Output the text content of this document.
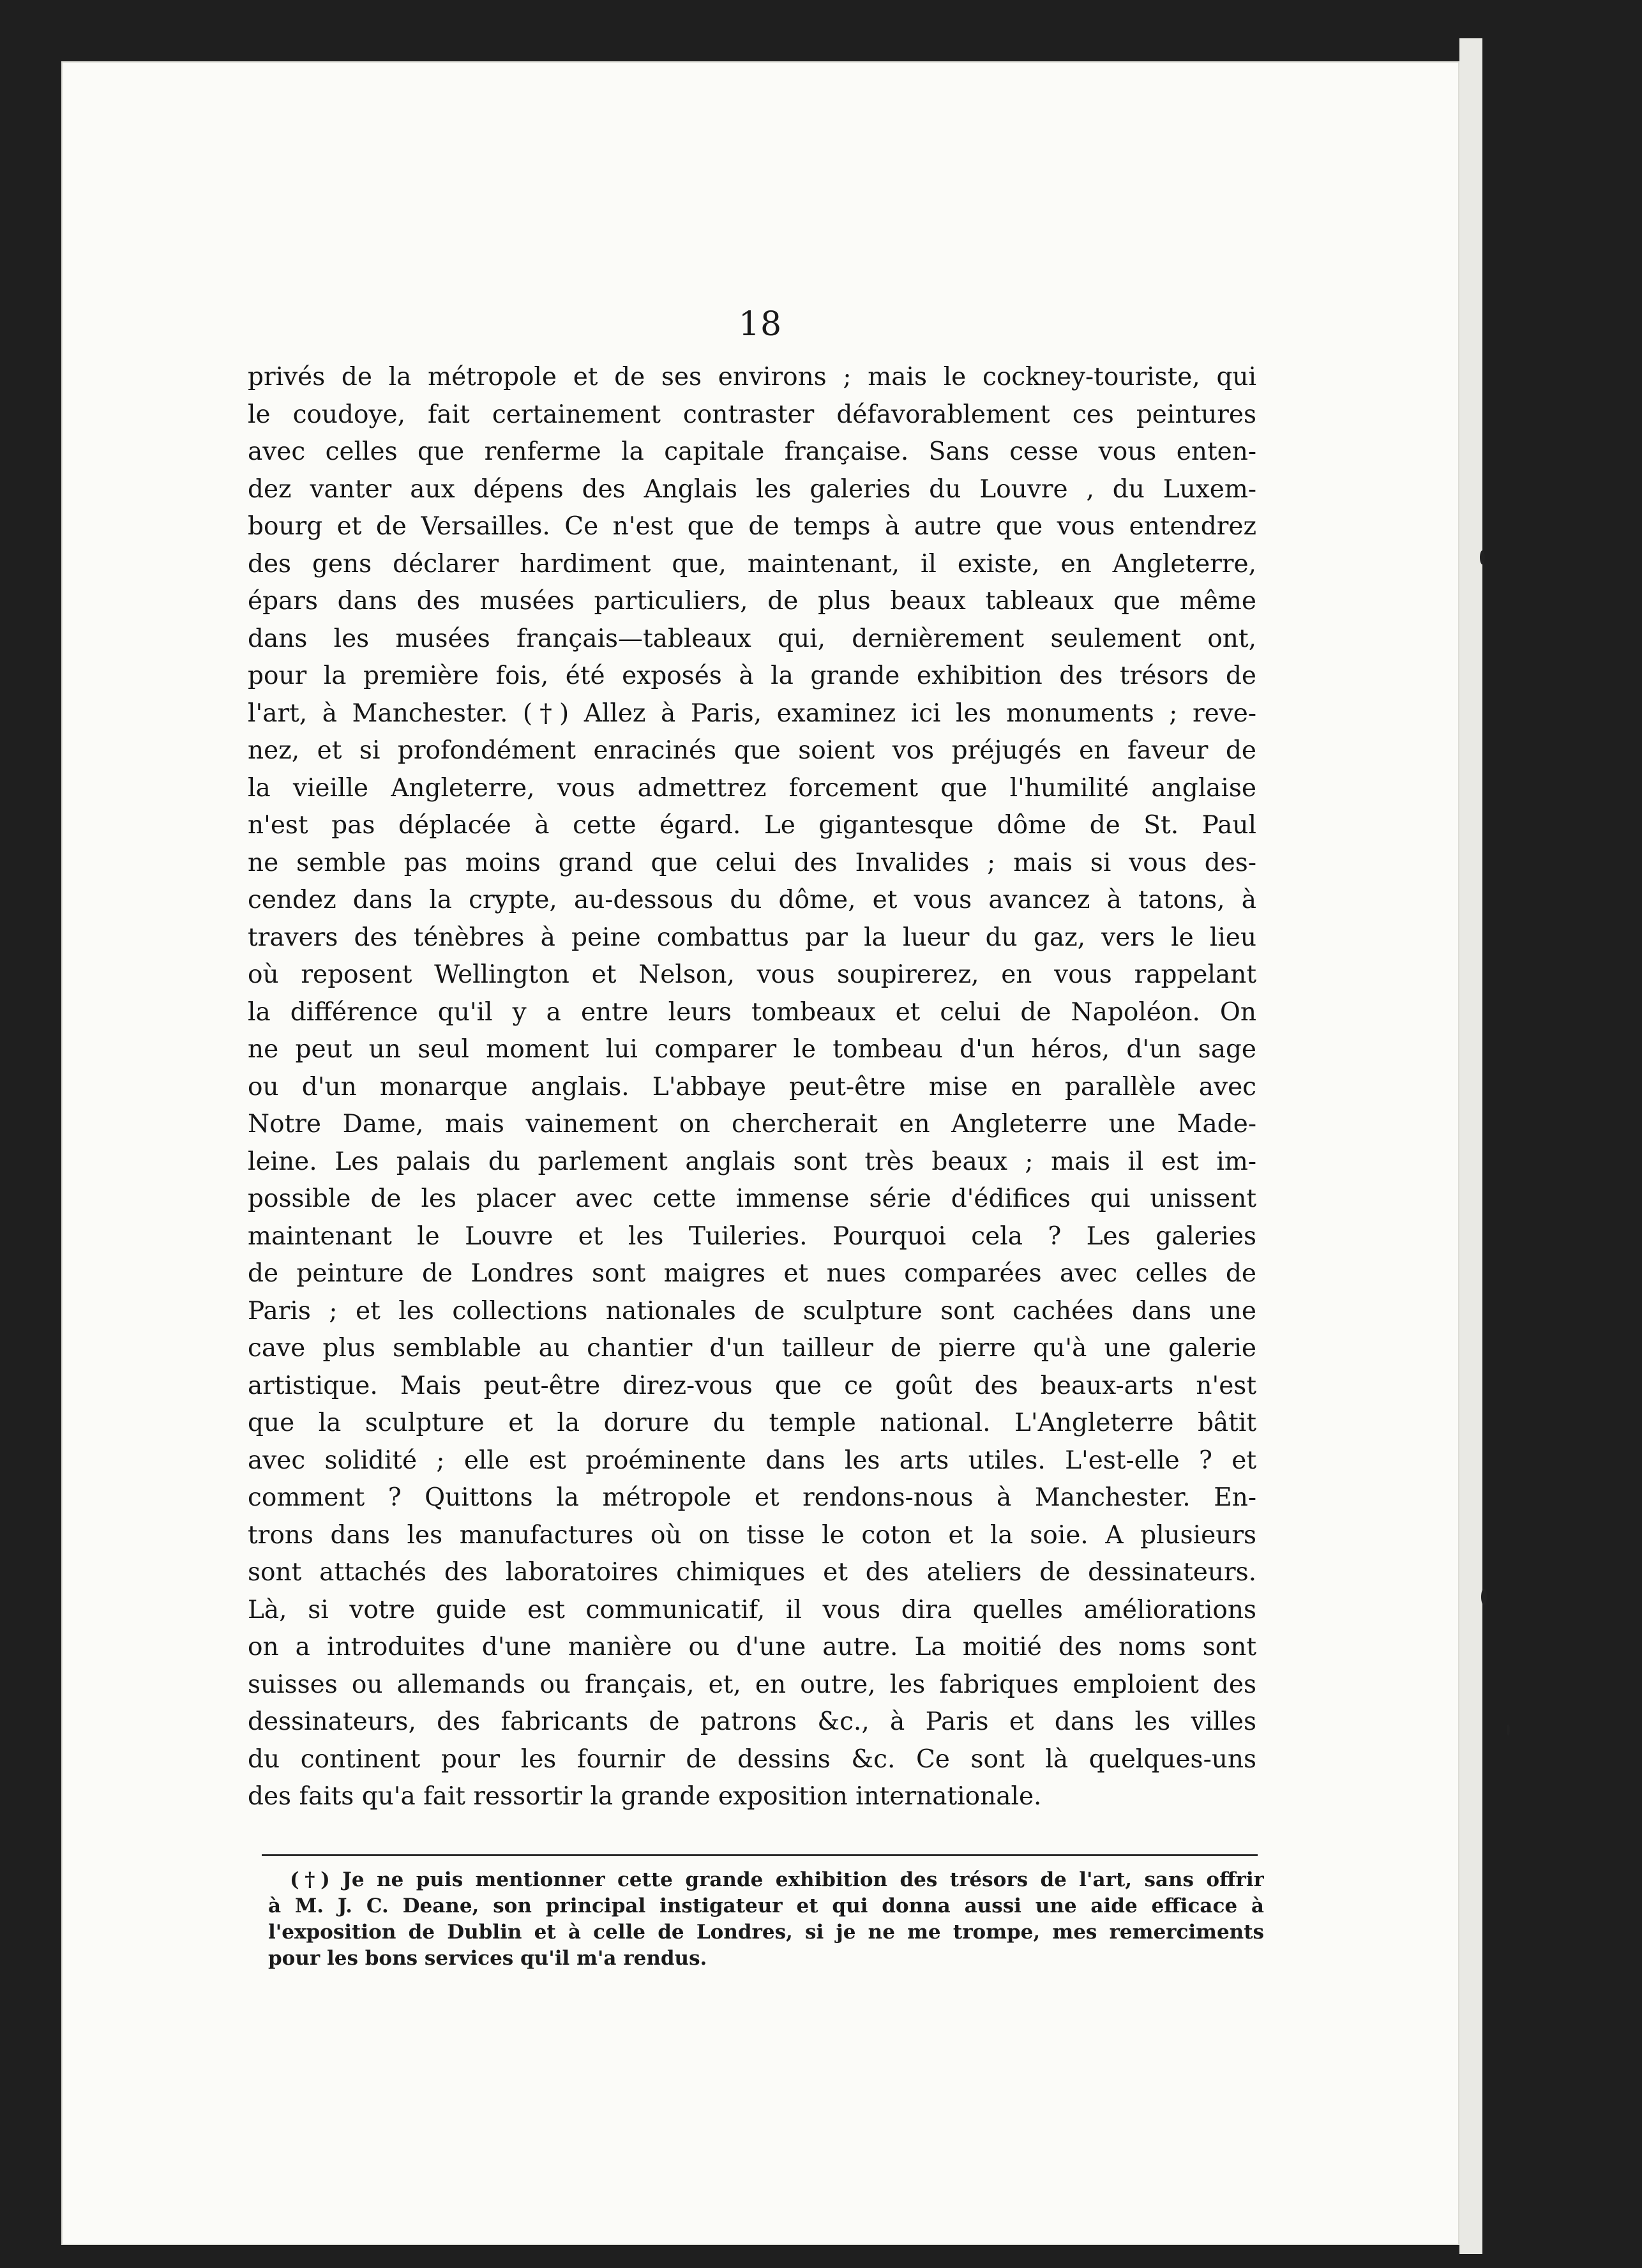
18
privés de la métropole et de ses environs ; mais le cockney-touriste, qui
le coudoye, fait certainement contraster défavorablement ces peintures
avec celles que renferme la capitale française. Sans cesse vous enten-
dez vanter aux dépens des Anglais les galeries du Louvre , du Luxem-
bourg et de Versailles. Ce n'est que de temps à autre que vous entendrez
des gens déclarer hardiment que, maintenant, il existe, en Angleterre,
épars dans des musées particuliers, de plus beaux tableaux que même
dans les musées français—tableaux qui, dernièrement seulement ont,
pour la première fois, été exposés à la grande exhibition des trésors de
l'art, à Manchester. (†) Allez à Paris, examinez ici les monuments ; reve-
nez, et si profondément enracinés que soient vos préjugés en faveur de
la vieille Angleterre, vous admettrez forcement que l'humilité anglaise
n'est pas déplacée à cette égard. Le gigantesque dôme de St. Paul
ne semble pas moins grand que celui des Invalides ; mais si vous des-
cendez dans la crypte, au-dessous du dôme, et vous avancez à tatons, à
travers des ténèbres à peine combattus par la lueur du gaz, vers le lieu
où reposent Wellington et Nelson, vous soupirerez, en vous rappelant
la différence qu'il y a entre leurs tombeaux et celui de Napoléon. On
ne peut un seul moment lui comparer le tombeau d'un héros, d'un sage
ou d'un monarque anglais. L'abbaye peut-être mise en parallèle avec
Notre Dame, mais vainement on chercherait en Angleterre une Made-
leine. Les palais du parlement anglais sont très beaux ; mais il est im-
possible de les placer avec cette immense série d'édifices qui unissent
maintenant le Louvre et les Tuileries. Pourquoi cela ? Les galeries
de peinture de Londres sont maigres et nues comparées avec celles de
Paris ; et les collections nationales de sculpture sont cachées dans une
cave plus semblable au chantier d'un tailleur de pierre qu'à une galerie
artistique. Mais peut-être direz-vous que ce goût des beaux-arts n'est
que la sculpture et la dorure du temple national. L'Angleterre bâtit
avec solidité ; elle est proéminente dans les arts utiles. L'est-elle ? et
comment ? Quittons la métropole et rendons-nous à Manchester. En-
trons dans les manufactures où on tisse le coton et la soie. A plusieurs
sont attachés des laboratoires chimiques et des ateliers de dessinateurs.
Là, si votre guide est communicatif, il vous dira quelles améliorations
on a introduites d'une manière ou d'une autre. La moitié des noms sont
suisses ou allemands ou français, et, en outre, les fabriques emploient des
dessinateurs, des fabricants de patrons &c., à Paris et dans les villes
du continent pour les fournir de dessins &c. Ce sont là quelques-uns
des faits qu'a fait ressortir la grande exposition internationale.
(†) Je ne puis mentionner cette grande exhibition des trésors de l'art, sans offrir
à M. J. C. Deane, son principal instigateur et qui donna aussi une aide efficace à
l'exposition de Dublin et à celle de Londres, si je ne me trompe, mes remerciments
pour les bons services qu'il m'a rendus.
